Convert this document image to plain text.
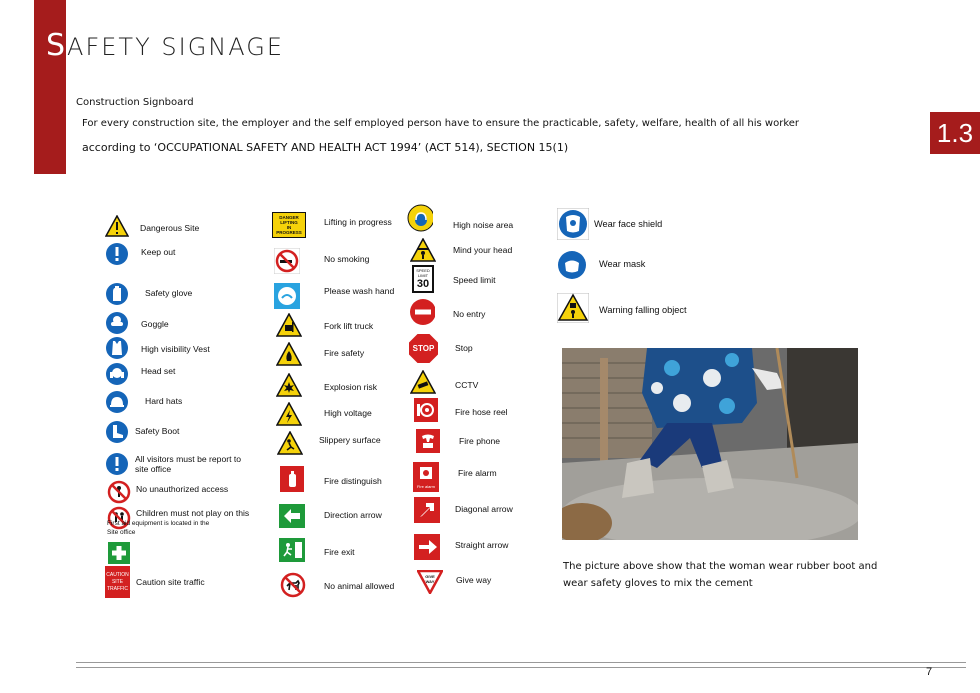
SAFETY SIGNAGE
1.3
Construction Signboard
For every construction site, the employer and the self employed person have to ensure the practicable, safety, welfare, health of all his worker
according to ‘OCCUPATIONAL SAFETY AND HEALTH ACT 1994’ (ACT 514), SECTION 15(1)
Dangerous Site
Keep out
Safety glove
Goggle
High visibility Vest
Head set
Hard hats
Safety Boot
All visitors must be report to
site office
No unauthorized access
Children must not play on this
First aid equipment is located in the
Site office
CAUTION
SITE
TRAFFIC
Caution site traffic
DANGER
LIFTING
IN
PROGRESS
Lifting in progress
No smoking
Please wash hand
Fork lift truck
Fire safety
Explosion risk
High voltage
Slippery surface
Fire distinguish
Direction arrow
Fire exit
No animal allowed
High noise area
Mind your head
SPEED
LIMIT
30	Speed limit
No entry
STOP	Stop
CCTV
Fire hose reel
Fire phone
Fire alarm
Fire alarm
Diagonal arrow
Straight arrow
GIVE
WAY	Give way
Wear face shield
Wear mask
Warning falling object
The picture above show that the woman wear rubber boot and wear safety gloves to mix the cement
7
